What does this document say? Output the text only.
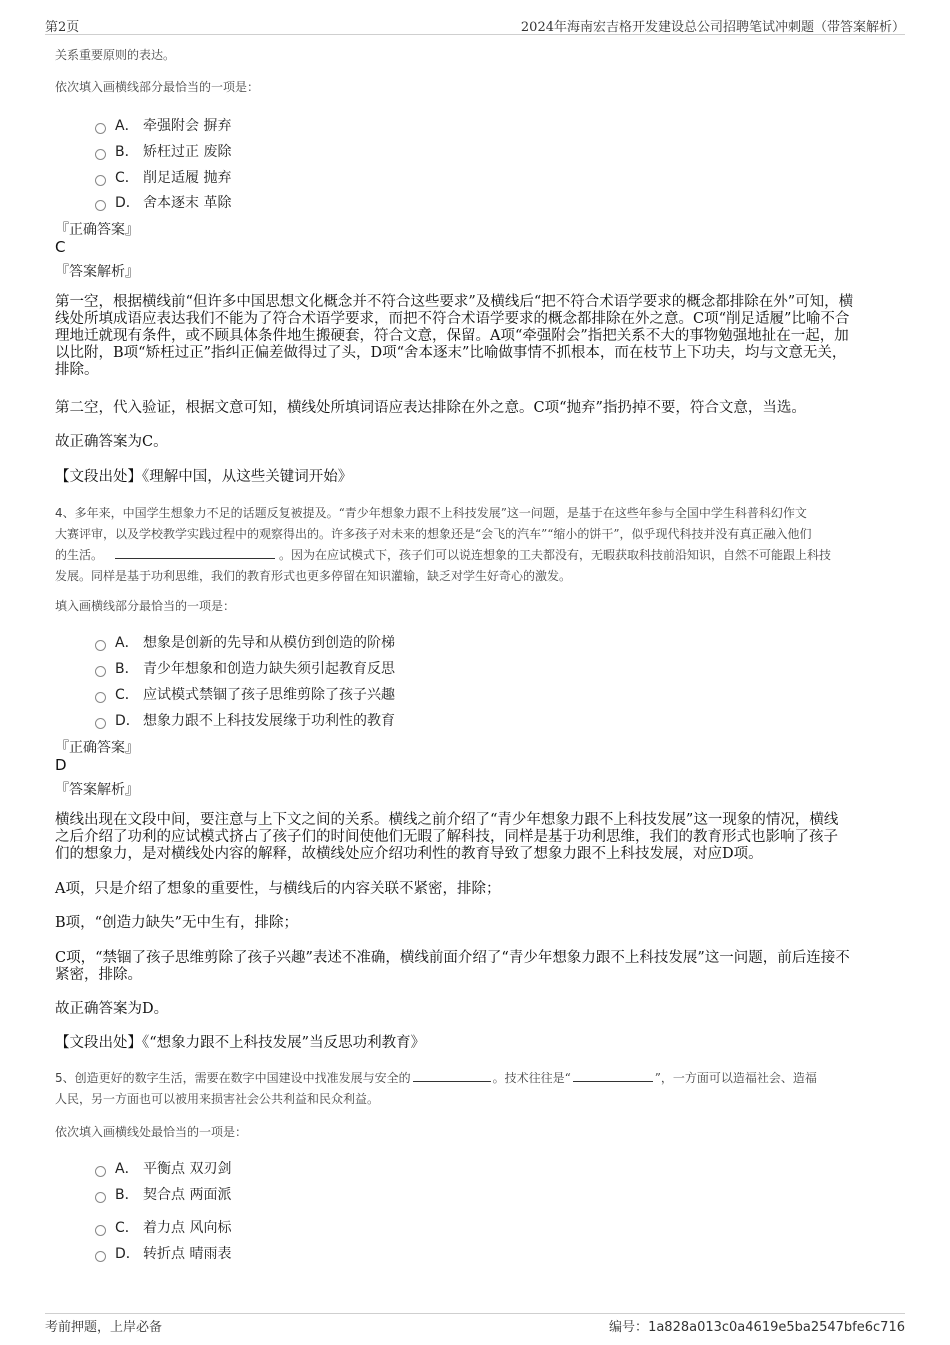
第2页	2024年海南宏吉格开发建设总公司招聘笔试冲刺题（带答案解析）
关系重要原则的表达。
依次填入画横线部分最恰当的一项是：
A． 牵强附会 摒弃
B． 矫枉过正 废除
C． 削足适履 抛弃
D． 舍本逐末 革除
『正确答案』
C
『答案解析』
第一空，根据横线前“但许多中国思想文化概念并不符合这些要求”及横线后“把不符合术语学要求的概念都排除在外”可知，横
线处所填成语应表达我们不能为了符合术语学要求，而把不符合术语学要求的概念都排除在外之意。C项“削足适履”比喻不合
理地迁就现有条件，或不顾具体条件地生搬硬套，符合文意，保留。A项“牵强附会”指把关系不大的事物勉强地扯在一起，加
以比附，B项“矫枉过正”指纠正偏差做得过了头，D项“舍本逐末”比喻做事情不抓根本，而在枝节上下功夫，均与文意无关，
排除。
第二空，代入验证，根据文意可知，横线处所填词语应表达排除在外之意。C项“抛弃”指扔掉不要，符合文意，当选。
故正确答案为C。
【文段出处】《理解中国，从这些关键词开始》
4、多年来，中国学生想象力不足的话题反复被提及。“青少年想象力跟不上科技发展”这一问题，是基于在这些年参与全国中学生科普科幻作文
大赛评审，以及学校教学实践过程中的观察得出的。许多孩子对未来的想象还是“会飞的汽车”“缩小的饼干”，似乎现代科技并没有真正融入他们
的生活。	。因为在应试模式下，孩子们可以说连想象的工夫都没有，无暇获取科技前沿知识，自然不可能跟上科技
发展。同样是基于功利思维，我们的教育形式也更多停留在知识灌输，缺乏对学生好奇心的激发。
填入画横线部分最恰当的一项是：
A． 想象是创新的先导和从模仿到创造的阶梯
B． 青少年想象和创造力缺失须引起教育反思
C． 应试模式禁锢了孩子思维剪除了孩子兴趣
D． 想象力跟不上科技发展缘于功利性的教育
『正确答案』
D
『答案解析』
横线出现在文段中间，要注意与上下文之间的关系。横线之前介绍了“青少年想象力跟不上科技发展”这一现象的情况，横线
之后介绍了功利的应试模式挤占了孩子们的时间使他们无暇了解科技，同样是基于功利思维，我们的教育形式也影响了孩子
们的想象力，是对横线处内容的解释，故横线处应介绍功利性的教育导致了想象力跟不上科技发展，对应D项。
A项，只是介绍了想象的重要性，与横线后的内容关联不紧密，排除；
B项，“创造力缺失”无中生有，排除；
C项，“禁锢了孩子思维剪除了孩子兴趣”表述不准确，横线前面介绍了“青少年想象力跟不上科技发展”这一问题，前后连接不
紧密，排除。
故正确答案为D。
【文段出处】《“想象力跟不上科技发展”当反思功利教育》
5、创造更好的数字生活，需要在数字中国建设中找准发展与安全的	。技术往往是“	”，一方面可以造福社会、造福
人民，另一方面也可以被用来损害社会公共利益和民众利益。
依次填入画横线处最恰当的一项是：
A． 平衡点 双刃剑
B． 契合点 两面派
C． 着力点 风向标
D． 转折点 晴雨表
考前押题，上岸必备	编号：1a828a013c0a4619e5ba2547bfe6c716
